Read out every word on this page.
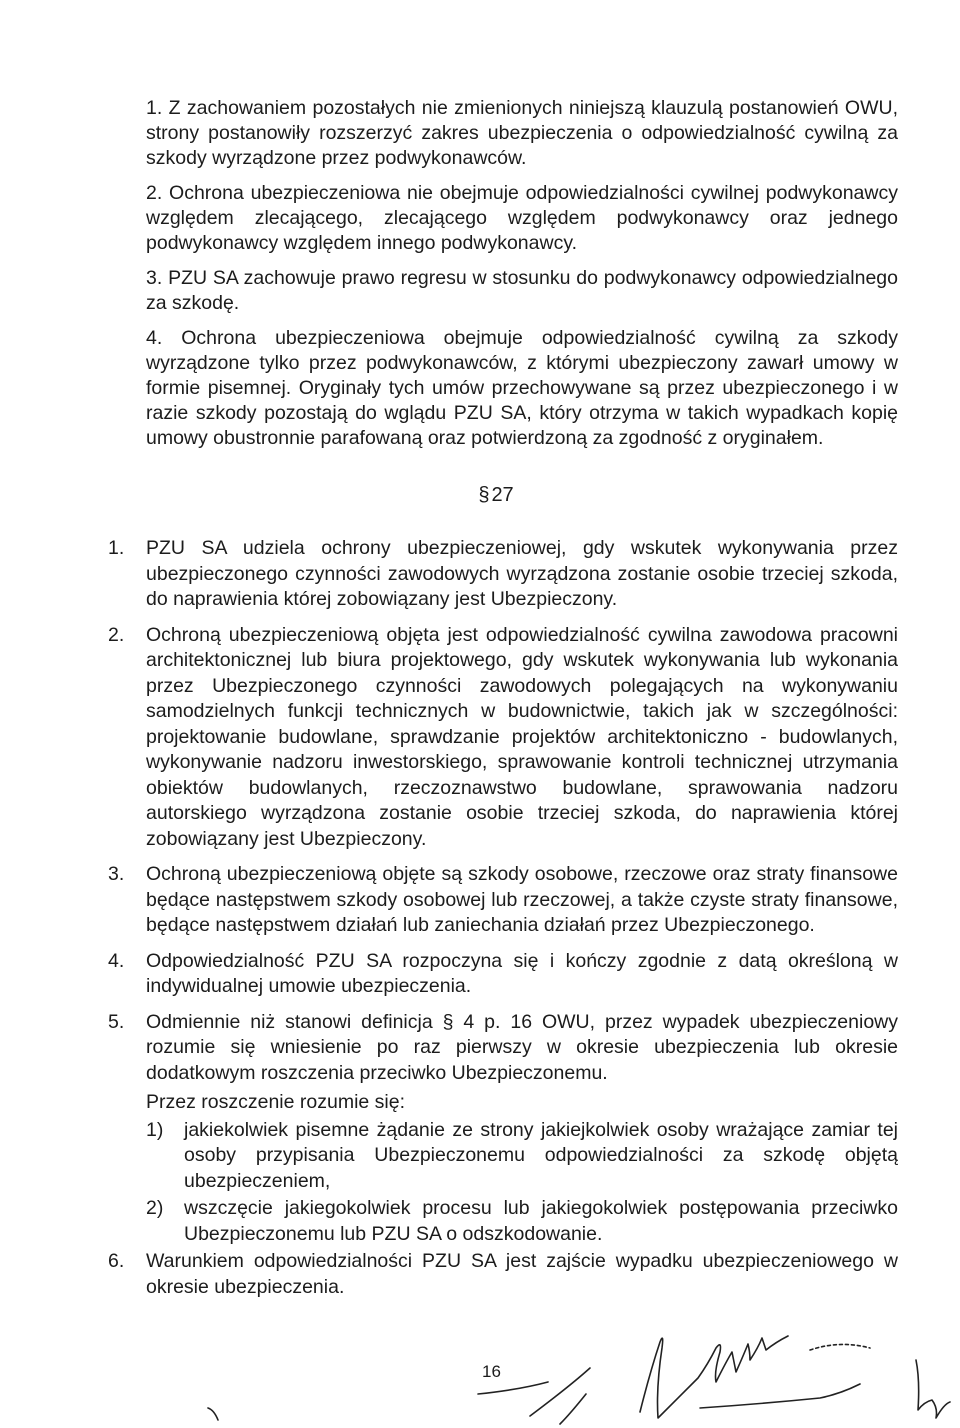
1. Z zachowaniem pozostałych nie zmienionych niniejszą klauzulą postanowień OWU, strony postanowiły rozszerzyć zakres ubezpieczenia o odpowiedzialność cywilną za szkody wyrządzone przez podwykonawców.

2. Ochrona ubezpieczeniowa nie obejmuje odpowiedzialności cywilnej podwykonawcy względem zlecającego, zlecającego względem podwykonawcy oraz jednego podwykonawcy względem innego podwykonawcy.

3. PZU SA zachowuje prawo regresu w stosunku do podwykonawcy odpowiedzialnego za szkodę.

4. Ochrona ubezpieczeniowa obejmuje odpowiedzialność cywilną za szkody wyrządzone tylko przez podwykonawców, z którymi ubezpieczony zawarł umowy w formie pisemnej. Oryginały tych umów przechowywane są przez ubezpieczonego i w razie szkody pozostają do wglądu PZU SA, który otrzyma w takich wypadkach kopię umowy obustronnie parafowaną oraz potwierdzoną za zgodność z oryginałem.

§ 27
1. PZU SA udziela ochrony ubezpieczeniowej, gdy wskutek wykonywania przez ubezpieczonego czynności zawodowych wyrządzona zostanie osobie trzeciej szkoda, do naprawienia której zobowiązany jest Ubezpieczony.
2. Ochroną ubezpieczeniową objęta jest odpowiedzialność cywilna zawodowa pracowni architektonicznej lub biura projektowego, gdy wskutek wykonywania lub wykonania przez Ubezpieczonego czynności zawodowych polegających na wykonywaniu samodzielnych funkcji technicznych w budownictwie, takich jak w szczególności: projektowanie budowlane, sprawdzanie projektów architektoniczno - budowlanych, wykonywanie nadzoru inwestorskiego, sprawowanie kontroli technicznej utrzymania obiektów budowlanych, rzeczoznawstwo budowlane, sprawowania nadzoru autorskiego wyrządzona zostanie osobie trzeciej szkoda, do naprawienia której zobowiązany jest Ubezpieczony.
3. Ochroną ubezpieczeniową objęte są szkody osobowe, rzeczowe oraz straty finansowe będące następstwem szkody osobowej lub rzeczowej, a także czyste straty finansowe, będące następstwem działań lub zaniechania działań przez Ubezpieczonego.
4. Odpowiedzialność PZU SA rozpoczyna się i kończy zgodnie z datą określoną w indywidualnej umowie ubezpieczenia.
5. Odmiennie niż stanowi definicja § 4 p. 16 OWU, przez wypadek ubezpieczeniowy rozumie się wniesienie po raz pierwszy w okresie ubezpieczenia lub okresie dodatkowym roszczenia przeciwko Ubezpieczonemu.
Przez roszczenie rozumie się:
1) jakiekolwiek pisemne żądanie ze strony jakiejkolwiek osoby wrażające zamiar tej osoby przypisania Ubezpieczonemu odpowiedzialności za szkodę objętą ubezpieczeniem,
2) wszczęcie jakiegokolwiek procesu lub jakiegokolwiek postępowania przeciwko Ubezpieczonemu lub PZU SA o odszkodowanie.
6. Warunkiem odpowiedzialności PZU SA jest zajście wypadku ubezpieczeniowego w okresie ubezpieczenia.
16
